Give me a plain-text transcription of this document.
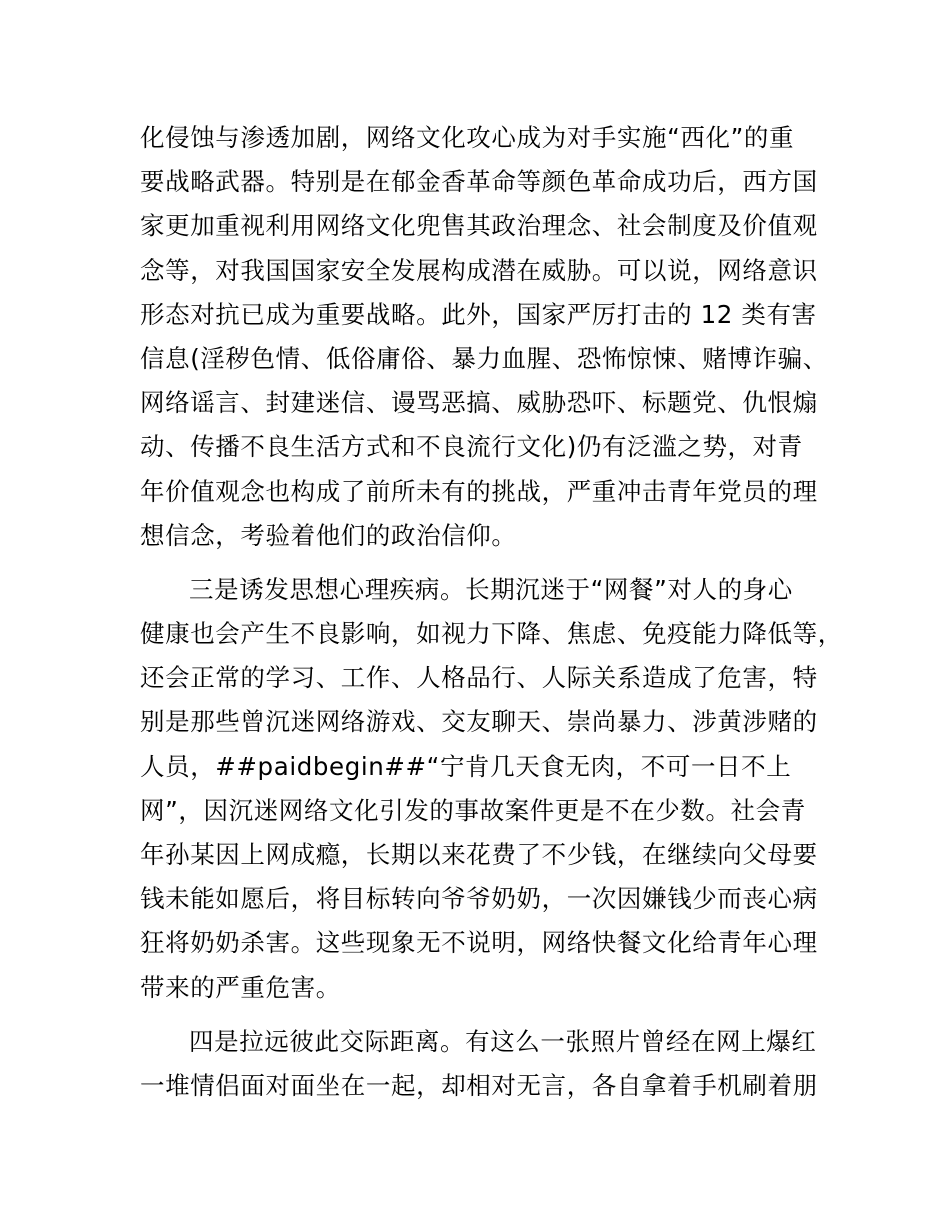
化侵蚀与渗透加剧，网络文化攻心成为对手实施“西化”的重
要战略武器。特别是在郁金香革命等颜色革命成功后，西方国
家更加重视利用网络文化兜售其政治理念、社会制度及价值观
念等，对我国国家安全发展构成潜在威胁。可以说，网络意识
形态对抗已成为重要战略。此外，国家严厉打击的 12 类有害
信息(淫秽色情、低俗庸俗、暴力血腥、恐怖惊悚、赌博诈骗、
网络谣言、封建迷信、谩骂恶搞、威胁恐吓、标题党、仇恨煽
动、传播不良生活方式和不良流行文化)仍有泛滥之势，对青
年价值观念也构成了前所未有的挑战，严重冲击青年党员的理
想信念，考验着他们的政治信仰。
三是诱发思想心理疾病。长期沉迷于“网餐”对人的身心
健康也会产生不良影响，如视力下降、焦虑、免疫能力降低等，
还会正常的学习、工作、人格品行、人际关系造成了危害，特
别是那些曾沉迷网络游戏、交友聊天、崇尚暴力、涉黄涉赌的
人员，##paidbegin##“宁肯几天食无肉，不可一日不上
网”，因沉迷网络文化引发的事故案件更是不在少数。社会青
年孙某因上网成瘾，长期以来花费了不少钱，在继续向父母要
钱未能如愿后，将目标转向爷爷奶奶，一次因嫌钱少而丧心病
狂将奶奶杀害。这些现象无不说明，网络快餐文化给青年心理
带来的严重危害。
四是拉远彼此交际距离。有这么一张照片曾经在网上爆红
一堆情侣面对面坐在一起，却相对无言，各自拿着手机刷着朋
